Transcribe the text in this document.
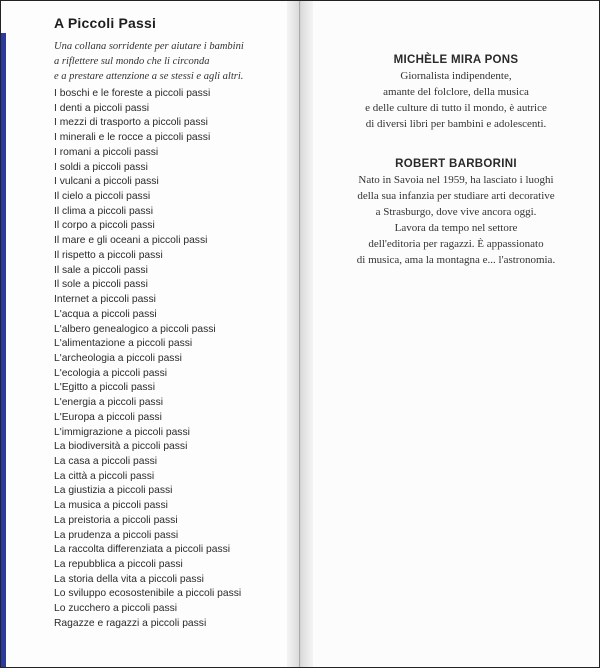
A Piccoli Passi
Una collana sorridente per aiutare i bambini
a riflettere sul mondo che li circonda
e a prestare attenzione a se stessi e agli altri.
I boschi e le foreste a piccoli passi
I denti a piccoli passi
I mezzi di trasporto a piccoli passi
I minerali e le rocce a piccoli passi
I romani a piccoli passi
I soldi a piccoli passi
I vulcani a piccoli passi
Il cielo a piccoli passi
Il clima a piccoli passi
Il corpo a piccoli passi
Il mare e gli oceani a piccoli passi
Il rispetto a piccoli passi
Il sale a piccoli passi
Il sole a piccoli passi
Internet a piccoli passi
L'acqua a piccoli passi
L'albero genealogico a piccoli passi
L'alimentazione a piccoli passi
L'archeologia a piccoli passi
L'ecologia a piccoli passi
L'Egitto a piccoli passi
L'energia a piccoli passi
L'Europa a piccoli passi
L'immigrazione a piccoli passi
La biodiversità a piccoli passi
La casa a piccoli passi
La città a piccoli passi
La giustizia a piccoli passi
La musica a piccoli passi
La preistoria a piccoli passi
La prudenza a piccoli passi
La raccolta differenziata a piccoli passi
La repubblica a piccoli passi
La storia della vita a piccoli passi
Lo sviluppo ecosostenibile a piccoli passi
Lo zucchero a piccoli passi
Ragazze e ragazzi a piccoli passi
MICHÈLE MIRA PONS
Giornalista indipendente,
amante del folclore, della musica
e delle culture di tutto il mondo, è autrice
di diversi libri per bambini e adolescenti.
ROBERT BARBORINI
Nato in Savoia nel 1959, ha lasciato i luoghi
della sua infanzia per studiare arti decorative
a Strasburgo, dove vive ancora oggi.
Lavora da tempo nel settore
dell'editoria per ragazzi. È appassionato
di musica, ama la montagna e... l'astronomia.
